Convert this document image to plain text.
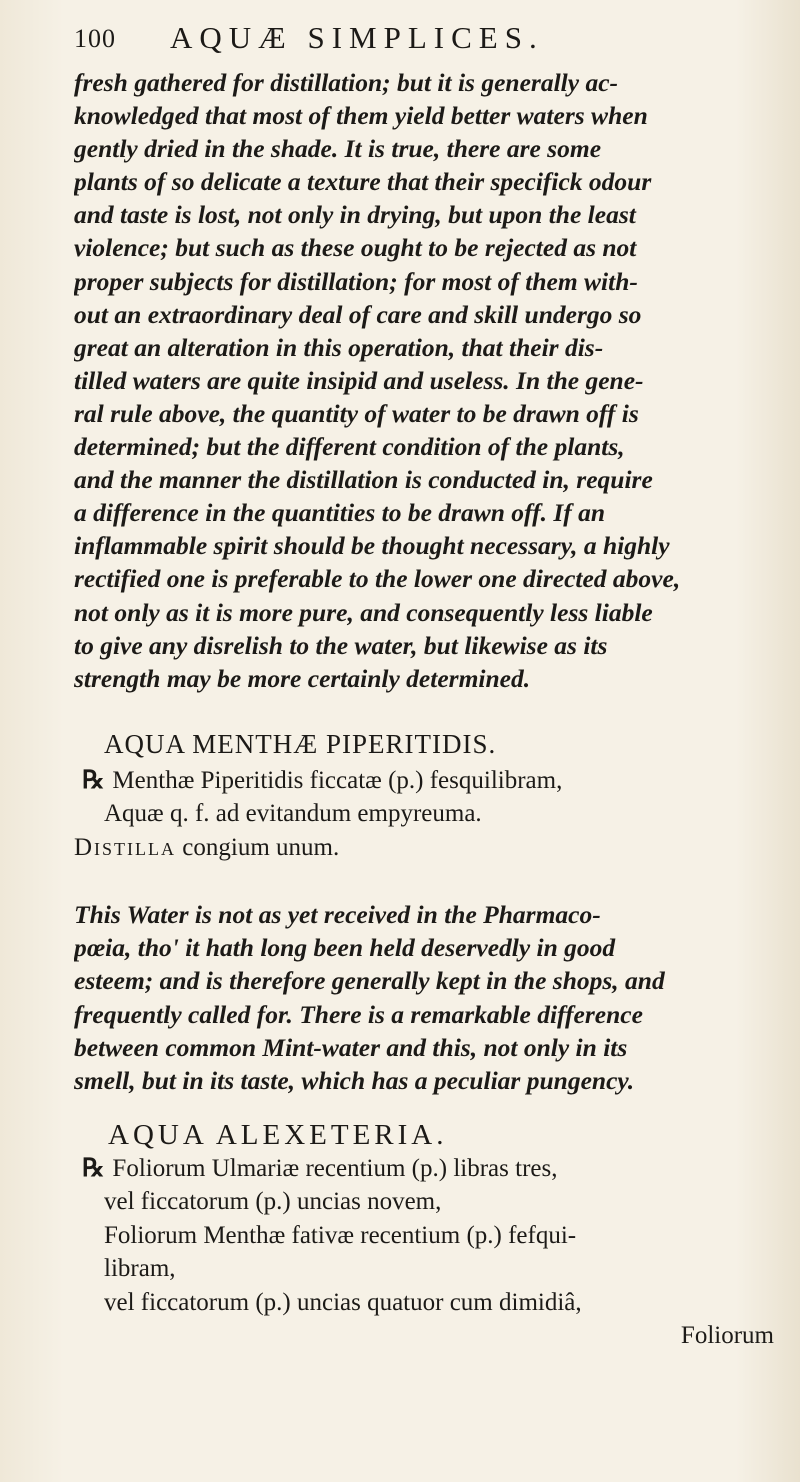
100 AQUÆ SIMPLICES.
fresh gathered for distillation; but it is generally ac-
knowledged that most of them yield better waters when
gently dried in the shade. It is true, there are some
plants of so delicate a texture that their specifick odour
and taste is lost, not only in drying, but upon the least
violence; but such as these ought to be rejected as not
proper subjects for distillation; for most of them with-
out an extraordinary deal of care and skill undergo so
great an alteration in this operation, that their dis-
tilled waters are quite insipid and useless. In the gene-
ral rule above, the quantity of water to be drawn off is
determined; but the different condition of the plants,
and the manner the distillation is conducted in, require
a difference in the quantities to be drawn off. If an
inflammable spirit should be thought necessary, a highly
rectified one is preferable to the lower one directed above,
not only as it is more pure, and consequently less liable
to give any disrelish to the water, but likewise as its
strength may be more certainly determined.
AQUA MENTHÆ PIPERITIDIS.
℞ Menthæ Piperitidis ficcatæ (p.) fesquilibram,
Aquæ q. f. ad evitandum empyreuma.
Distilla congium unum.
This Water is not as yet received in the Pharmaco-
pœia, tho' it hath long been held deservedly in good
esteem; and is therefore generally kept in the shops, and
frequently called for. There is a remarkable difference
between common Mint-water and this, not only in its
smell, but in its taste, which has a peculiar pungency.
AQUA ALEXETERIA.
℞ Foliorum Ulmariæ recentium (p.) libras tres,
vel ficcatorum (p.) uncias novem,
Foliorum Menthæ fativæ recentium (p.) fefqui-
libram,
vel ficcatorum (p.) uncias quatuor cum dimidiâ,
Foliorum
